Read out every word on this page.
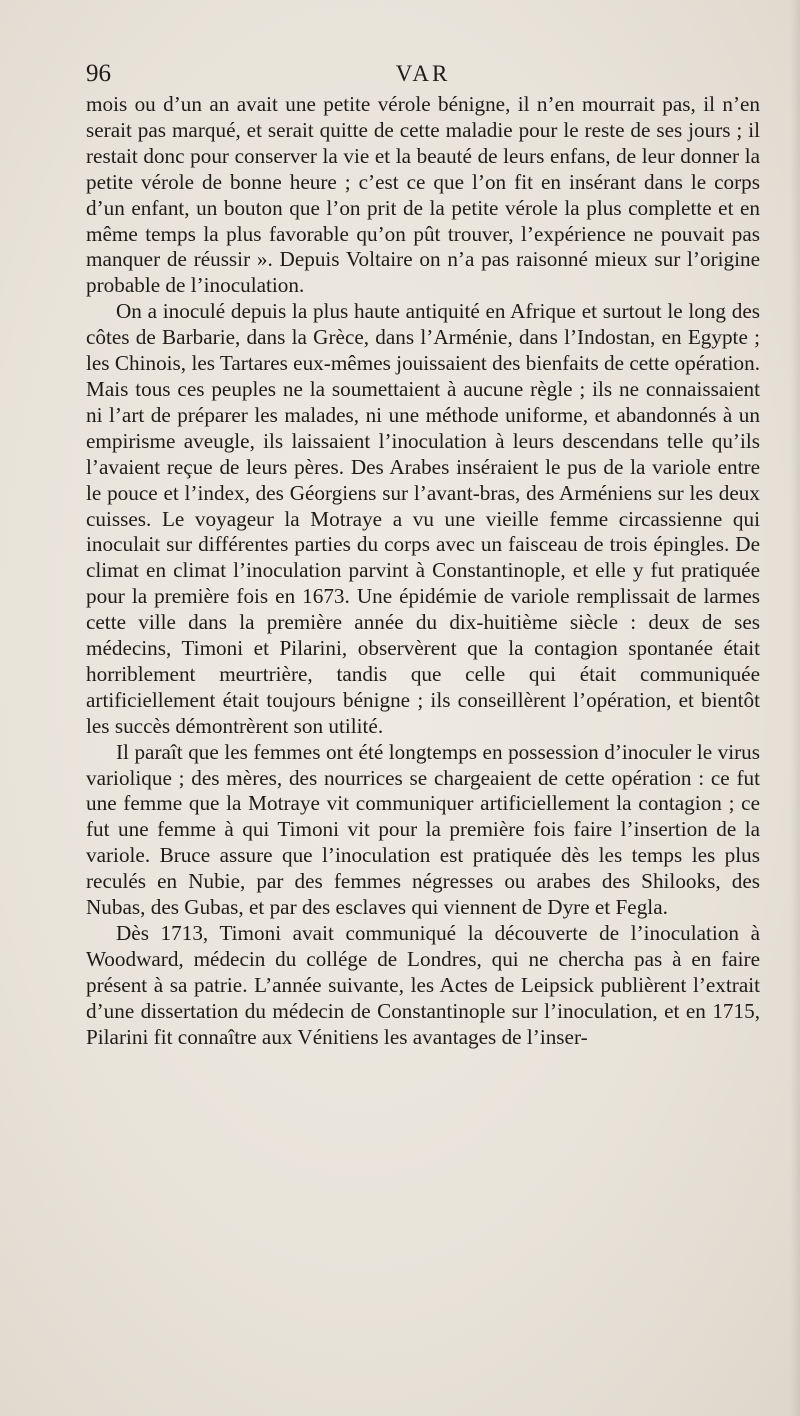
96	VAR

mois ou d’un an avait une petite vérole bénigne, il n’en mourrait pas, il n’en serait pas marqué, et serait quitte de cette maladie pour le reste de ses jours ; il restait donc pour conserver la vie et la beauté de leurs enfans, de leur donner la petite vérole de bonne heure ; c’est ce que l’on fit en insérant dans le corps d’un enfant, un bouton que l’on prit de la petite vérole la plus complette et en même temps la plus favorable qu’on pût trouver, l’expérience ne pouvait pas manquer de réussir ». Depuis Voltaire on n’a pas raisonné mieux sur l’origine probable de l’inoculation.

On a inoculé depuis la plus haute antiquité en Afrique et surtout le long des côtes de Barbarie, dans la Grèce, dans l’Arménie, dans l’Indostan, en Egypte ; les Chinois, les Tartares eux-mêmes jouissaient des bienfaits de cette opération. Mais tous ces peuples ne la soumettaient à aucune règle ; ils ne connaissaient ni l’art de préparer les malades, ni une méthode uniforme, et abandonnés à un empirisme aveugle, ils laissaient l’inoculation à leurs descendans telle qu’ils l’avaient reçue de leurs pères. Des Arabes inséraient le pus de la variole entre le pouce et l’index, des Géorgiens sur l’avant-bras, des Arméniens sur les deux cuisses. Le voyageur la Motraye a vu une vieille femme circassienne qui inoculait sur différentes parties du corps avec un faisceau de trois épingles. De climat en climat l’inoculation parvint à Constantinople, et elle y fut pratiquée pour la première fois en 1673. Une épidémie de variole remplissait de larmes cette ville dans la première année du dix-huitième siècle : deux de ses médecins, Timoni et Pilarini, observèrent que la contagion spontanée était horriblement meurtrière, tandis que celle qui était communiquée artificiellement était toujours bénigne ; ils conseillèrent l’opération, et bientôt les succès démontrèrent son utilité.

Il paraît que les femmes ont été longtemps en possession d’inoculer le virus variolique ; des mères, des nourrices se chargeaient de cette opération : ce fut une femme que la Motraye vit communiquer artificiellement la contagion ; ce fut une femme à qui Timoni vit pour la première fois faire l’insertion de la variole. Bruce assure que l’inoculation est pratiquée dès les temps les plus reculés en Nubie, par des femmes négresses ou arabes des Shilooks, des Nubas, des Gubas, et par des esclaves qui viennent de Dyre et Fegla.

Dès 1713, Timoni avait communiqué la découverte de l’inoculation à Woodward, médecin du collége de Londres, qui ne chercha pas à en faire présent à sa patrie. L’année suivante, les Actes de Leipsick publièrent l’extrait d’une dissertation du médecin de Constantinople sur l’inoculation, et en 1715, Pilarini fit connaître aux Vénitiens les avantages de l’inser-
